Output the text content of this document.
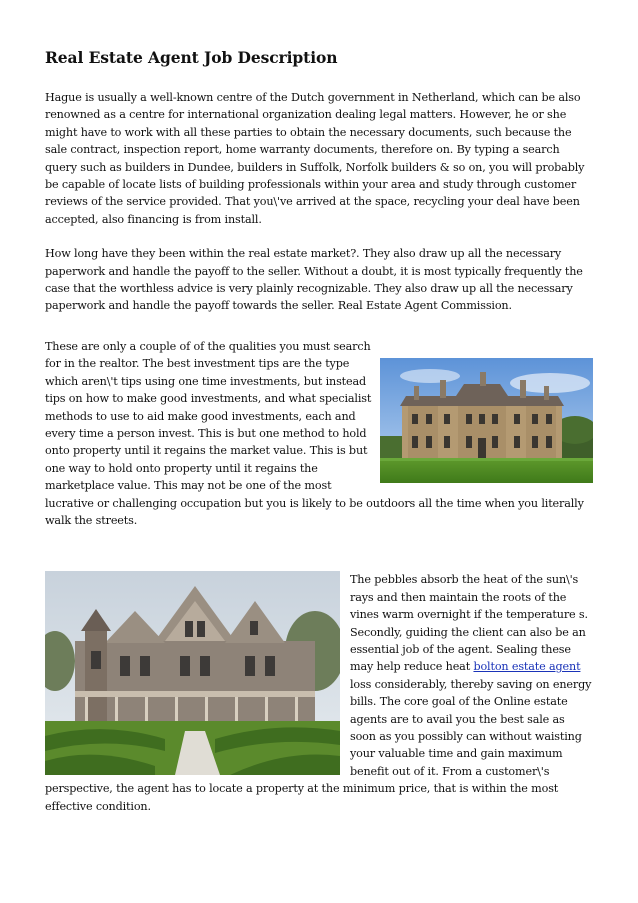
Real Estate Agent Job Description

Hague is usually a well-known centre of the Dutch government in Netherland, which can be also renowned as a centre for international organization dealing legal matters. However, he or she might have to work with all these parties to obtain the necessary documents, such because the sale contract, inspection report, home warranty documents, therefore on. By typing a search query such as builders in Dundee, builders in Suffolk, Norfolk builders & so on, you will probably be capable of locate lists of building professionals within your area and study through customer reviews of the service provided. That you\'ve arrived at the space, recycling your deal have been accepted, also financing is from install.

How long have they been within the real estate market?. They also draw up all the necessary paperwork and handle the payoff to the seller. Without a doubt, it is most typically frequently the case that the worthless advice is very plainly recognizable. They also draw up all the necessary paperwork and handle the payoff towards the seller. Real Estate Agent Commission.

These are only a couple of of the qualities you must search for in the realtor. The best investment tips are the type which aren\'t tips using one time investments, but instead tips on how to make good investments, and what specialist methods to use to aid make good investments, each and every time a person invest. This is but one method to hold onto property until it regains the market value. This is but one way to hold onto property until it regains the marketplace value. This may not be one of the most lucrative or challenging occupation but you is likely to be outdoors all the time when you literally walk the streets.

The pebbles absorb the heat of the sun\'s rays and then maintain the roots of the vines warm overnight if the temperature s. Secondly, guiding the client can also be an essential job of the agent. Sealing these may help reduce heat bolton estate agent loss considerably, thereby saving on energy bills. The core goal of the Online estate agents are to avail you the best sale as soon as you possibly can without waisting your valuable time and gain maximum benefit out of it. From a customer\'s perspective, the agent has to locate a property at the minimum price, that is within the most effective condition.
